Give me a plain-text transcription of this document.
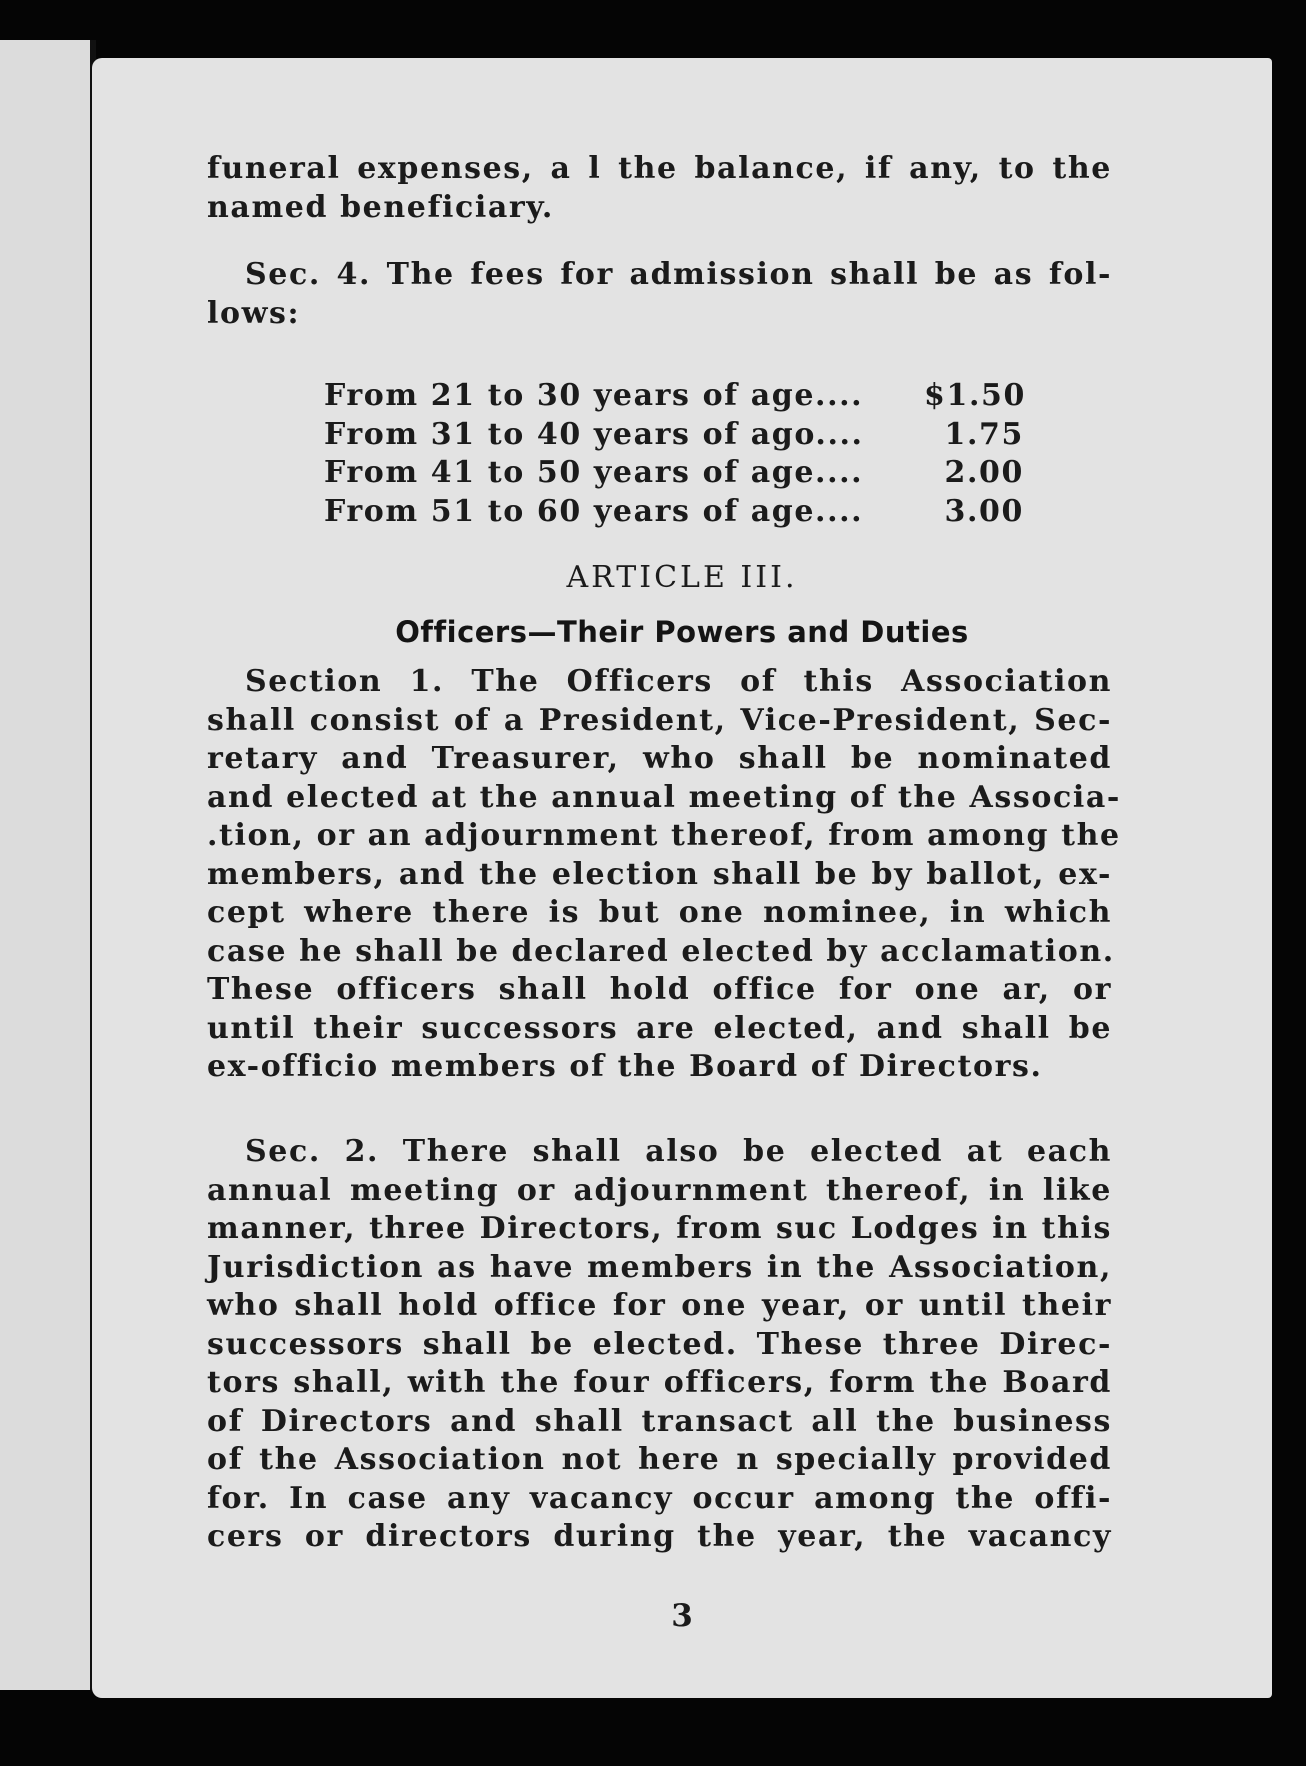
funeral expenses, a l the balance, if any, to the
named beneficiary.
Sec. 4. The fees for admission shall be as fol-
lows:
From 21 to 30 years of age....	$1.50
From 31 to 40 years of ago....	1.75
From 41 to 50 years of age....	2.00
From 51 to 60 years of age....	3.00
ARTICLE III.
Officers—Their Powers and Duties
Section 1. The Officers of this Association
shall consist of a President, Vice-President, Sec-
retary and Treasurer, who shall be nominated
and elected at the annual meeting of the Associa-
.tion, or an adjournment thereof, from among the
members, and the election shall be by ballot, ex-
cept where there is but one nominee, in which
case he shall be declared elected by acclamation.
These officers shall hold office for one ar, or
until their successors are elected, and shall be
ex-officio members of the Board of Directors.
Sec. 2. There shall also be elected at each
annual meeting or adjournment thereof, in like
manner, three Directors, from suc Lodges in this
Jurisdiction as have members in the Association,
who shall hold office for one year, or until their
successors shall be elected. These three Direc-
tors shall, with the four officers, form the Board
of Directors and shall transact all the business
of the Association not here n specially provided
for. In case any vacancy occur among the offi-
cers or directors during the year, the vacancy
3
